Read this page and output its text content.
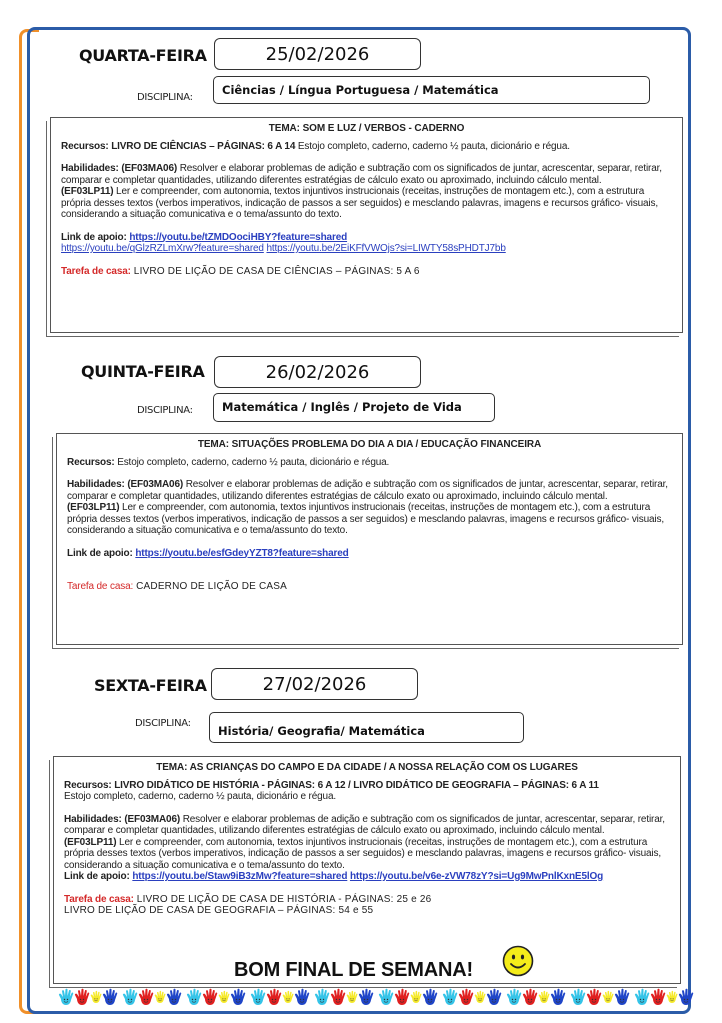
QUARTA-FEIRA	25/02/2026
DISCIPLINA:
Ciências / Língua Portuguesa / Matemática
TEMA: SOM E LUZ / VERBOS - CADERNO

Recursos: LIVRO DE CIÊNCIAS – PÁGINAS: 6 A 14 Estojo completo, caderno, caderno ½ pauta, dicionário e régua.

Habilidades: (EF03MA06) Resolver e elaborar problemas de adição e subtração com os significados de juntar, acrescentar, separar, retirar, comparar e completar quantidades, utilizando diferentes estratégias de cálculo exato ou aproximado, incluindo cálculo mental.

(EF03LP11) Ler e compreender, com autonomia, textos injuntivos instrucionais (receitas, instruções de montagem etc.), com a estrutura própria desses textos (verbos imperativos, indicação de passos a ser seguidos) e mesclando palavras, imagens e recursos gráfico- visuais, considerando a situação comunicativa e o tema/assunto do texto.

Link de apoio: https://youtu.be/tZMDOociHBY?feature=shared

https://youtu.be/qGlzRZLmXrw?feature=shared https://youtu.be/2EiKFfVWOjs?si=LIWTY58sPHDTJ7bb

Tarefa de casa: LIVRO DE LIÇÃO DE CASA DE CIÊNCIAS – PÁGINAS: 5 A 6

QUINTA-FEIRA	26/02/2026
DISCIPLINA:	Matemática / Inglês / Projeto de Vida
TEMA: SITUAÇÕES PROBLEMA DO DIA A DIA / EDUCAÇÃO FINANCEIRA

Recursos: Estojo completo, caderno, caderno ½ pauta, dicionário e régua.

Habilidades: (EF03MA06) Resolver e elaborar problemas de adição e subtração com os significados de juntar, acrescentar, separar, retirar, comparar e completar quantidades, utilizando diferentes estratégias de cálculo exato ou aproximado, incluindo cálculo mental.

(EF03LP11) Ler e compreender, com autonomia, textos injuntivos instrucionais (receitas, instruções de montagem etc.), com a estrutura própria desses textos (verbos imperativos, indicação de passos a ser seguidos) e mesclando palavras, imagens e recursos gráfico- visuais, considerando a situação comunicativa e o tema/assunto do texto.

Link de apoio: https://youtu.be/esfGdeyYZT8?feature=shared

Tarefa de casa: CADERNO DE LIÇÃO DE CASA

SEXTA-FEIRA	27/02/2026
DISCIPLINA:
História/ Geografia/ Matemática
TEMA: AS CRIANÇAS DO CAMPO E DA CIDADE / A NOSSA RELAÇÃO COM OS LUGARES

Recursos: LIVRO DIDÁTICO DE HISTÓRIA - PÁGINAS: 6 A 12 / LIVRO DIDÁTICO DE GEOGRAFIA – PÁGINAS: 6 A 11

Estojo completo, caderno, caderno ½ pauta, dicionário e régua.

Habilidades: (EF03MA06) Resolver e elaborar problemas de adição e subtração com os significados de juntar, acrescentar, separar, retirar, comparar e completar quantidades, utilizando diferentes estratégias de cálculo exato ou aproximado, incluindo cálculo mental.

(EF03LP11) Ler e compreender, com autonomia, textos injuntivos instrucionais (receitas, instruções de montagem etc.), com a estrutura própria desses textos (verbos imperativos, indicação de passos a ser seguidos) e mesclando palavras, imagens e recursos gráfico- visuais, considerando a situação comunicativa e o tema/assunto do texto.

Link de apoio: https://youtu.be/Staw9iB3zMw?feature=shared https://youtu.be/v6e-zVW78zY?si=Ug9MwPnlKxnE5lOg

Tarefa de casa: LIVRO DE LIÇÃO DE CASA DE HISTÓRIA - PÁGINAS: 25 e 26

LIVRO DE LIÇÃO DE CASA DE GEOGRAFIA – PÁGINAS: 54 e 55

BOM FINAL DE SEMANA!
